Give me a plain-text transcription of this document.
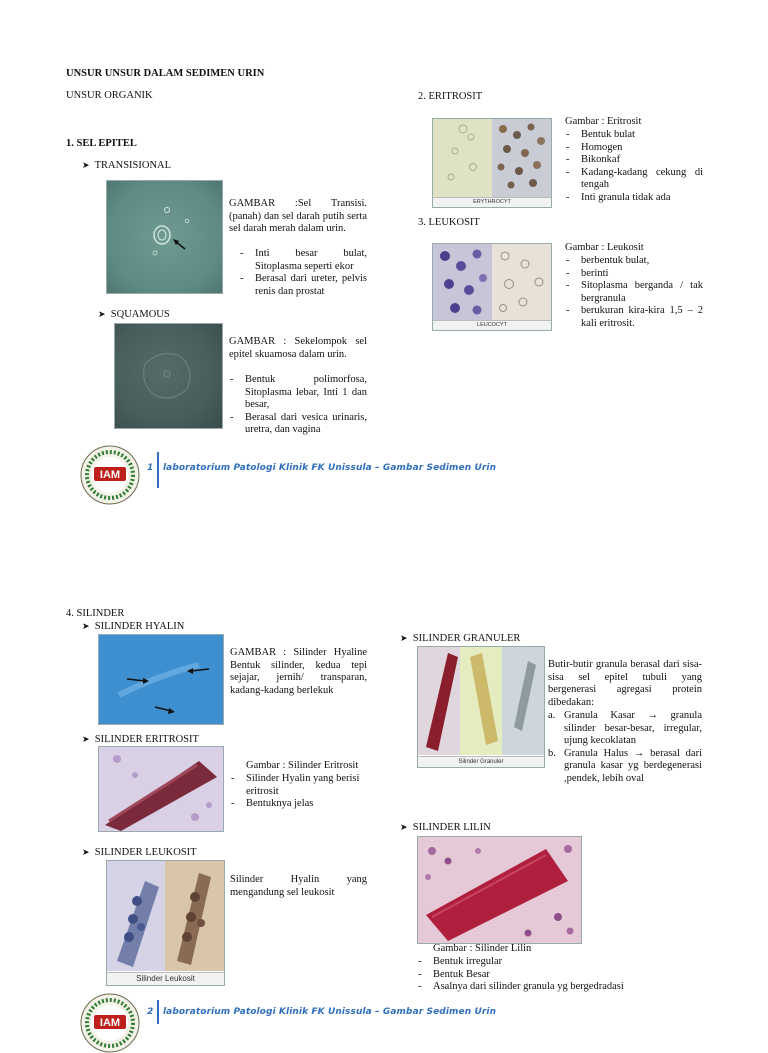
UNSUR UNSUR DALAM SEDIMEN URIN
UNSUR ORGANIK
1. SEL EPITEL
➤ TRANSISIONAL
GAMBAR :Sel Transisi. (panah) dan sel darah putih serta sel darah merah dalam urin.
- Inti besar bulat, Sitoplasma seperti ekor
- Berasal dari ureter, pelvis renis dan prostat
➤ SQUAMOUS
GAMBAR : Sekelompok sel epitel skuamosa dalam urin.
- Bentuk polimorfosa, Sitoplasma lebar, Inti 1 dan besar,
- Berasal dari vesica urinaris, uretra, dan vagina
2. ERITROSIT
ERYTHROCYT
Gambar : Eritrosit
- Bentuk bulat
- Homogen
- Bikonkaf
- Kadang-kadang cekung di tengah
- Inti granula tidak ada
3. LEUKOSIT
LEUCOCYT
Gambar : Leukosit
- berbentuk bulat,
- berinti
- Sitoplasma berganda / tak bergranula
- berukuran kira-kira 1,5 – 2 kali eritrosit.
IAM
1 laboratorium Patologi Klinik FK Unissula – Gambar Sedimen Urin
4. SILINDER
➤ SILINDER HYALIN
GAMBAR : Silinder Hyaline Bentuk silinder, kedua tepi sejajar, jernih/ transparan, kadang-kadang berlekuk
➤ SILINDER ERITROSIT
Gambar : Silinder Eritrosit
- Silinder Hyalin yang berisi eritrosit
- Bentuknya jelas
➤ SILINDER LEUKOSIT
Silinder Leukosit
Silinder Hyalin yang mengandung sel leukosit
➤ SILINDER GRANULER
Silinder Granuler
Butir-butir granula berasal dari sisa-sisa sel epitel tubuli yang bergenerasi agregasi protein dibedakan:
a. Granula Kasar → granula silinder besar-besar, irregular, ujung kecoklatan
b. Granula Halus → berasal dari granula kasar yg berdegenerasi ,pendek, lebih oval
➤ SILINDER LILIN
Gambar : Silinder Lilin
- Bentuk irregular
- Bentuk Besar
- Asalnya dari silinder granula yg bergedradasi
IAM
2 laboratorium Patologi Klinik FK Unissula – Gambar Sedimen Urin
